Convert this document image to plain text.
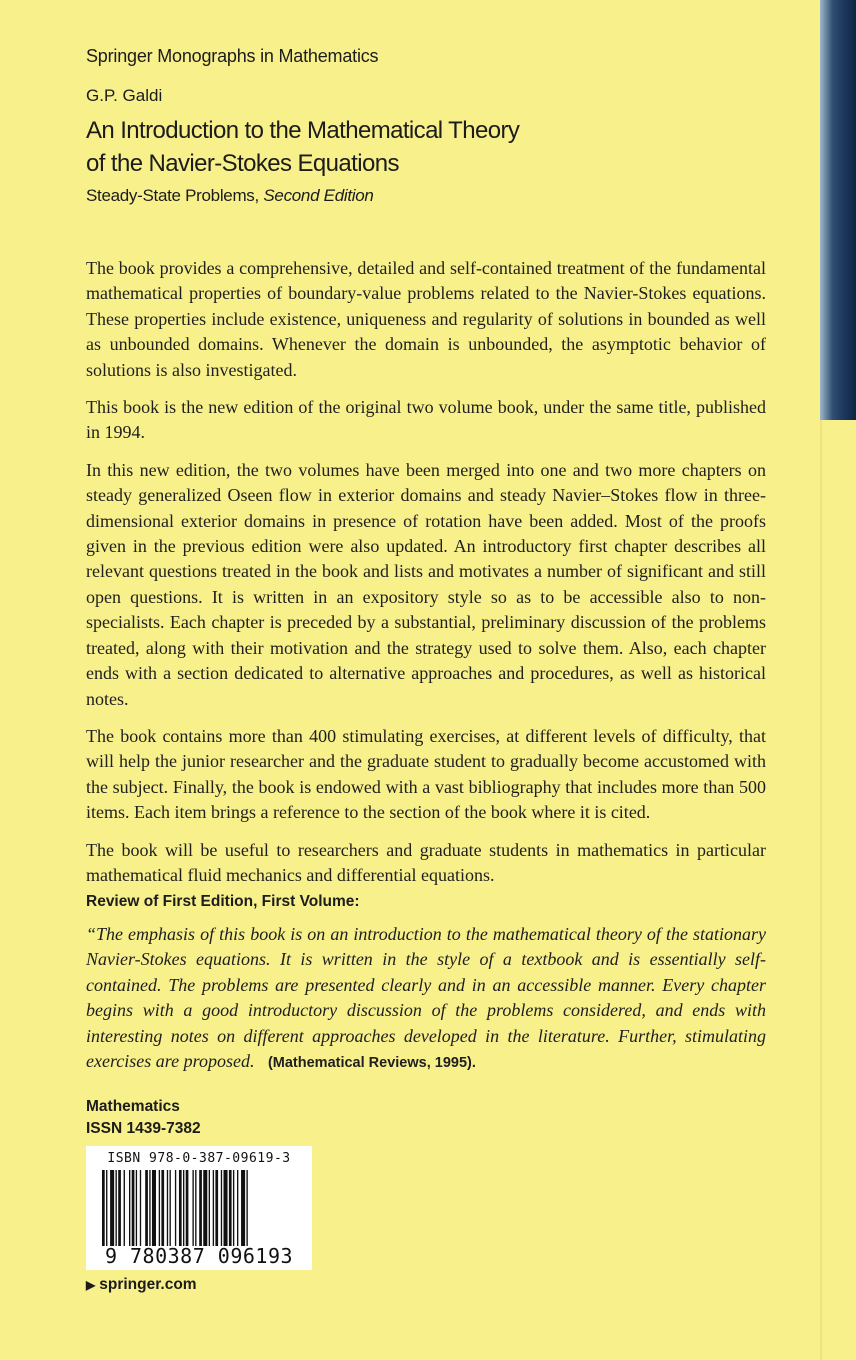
Springer Monographs in Mathematics
G.P. Galdi
An Introduction to the Mathematical Theory
of the Navier-Stokes Equations
Steady-State Problems, Second Edition

The book provides a comprehensive, detailed and self-contained treatment of the fundamental mathematical properties of boundary-value problems related to the Navier-Stokes equations. These properties include existence, uniqueness and regularity of solutions in bounded as well as unbounded domains. Whenever the domain is unbounded, the asymptotic behavior of solutions is also investigated.

This book is the new edition of the original two volume book, under the same title, published in 1994.

In this new edition, the two volumes have been merged into one and two more chapters on steady generalized Oseen flow in exterior domains and steady Navier–Stokes flow in three-dimensional exterior domains in presence of rotation have been added. Most of the proofs given in the previous edition were also updated. An introductory first chapter describes all relevant questions treated in the book and lists and motivates a number of significant and still open questions. It is written in an expository style so as to be accessible also to non-specialists. Each chapter is preceded by a substantial, preliminary discussion of the problems treated, along with their motivation and the strategy used to solve them. Also, each chapter ends with a section dedicated to alternative approaches and procedures, as well as historical notes.

The book contains more than 400 stimulating exercises, at different levels of difficulty, that will help the junior researcher and the graduate student to gradually become accustomed with the subject. Finally, the book is endowed with a vast bibliography that includes more than 500 items. Each item brings a reference to the section of the book where it is cited.

The book will be useful to researchers and graduate students in mathematics in particular mathematical fluid mechanics and differential equations.

Review of First Edition, First Volume:
“The emphasis of this book is on an introduction to the mathematical theory of the stationary Navier-Stokes equations. It is written in the style of a textbook and is essentially self-contained. The problems are presented clearly and in an accessible manner. Every chapter begins with a good introductory discussion of the problems considered, and ends with interesting notes on different approaches developed in the literature. Further, stimulating exercises are proposed. (Mathematical Reviews, 1995).
Mathematics
ISSN 1439-7382
ISBN 978-0-387-09619-3
9 780387 096193
▶ springer.com
